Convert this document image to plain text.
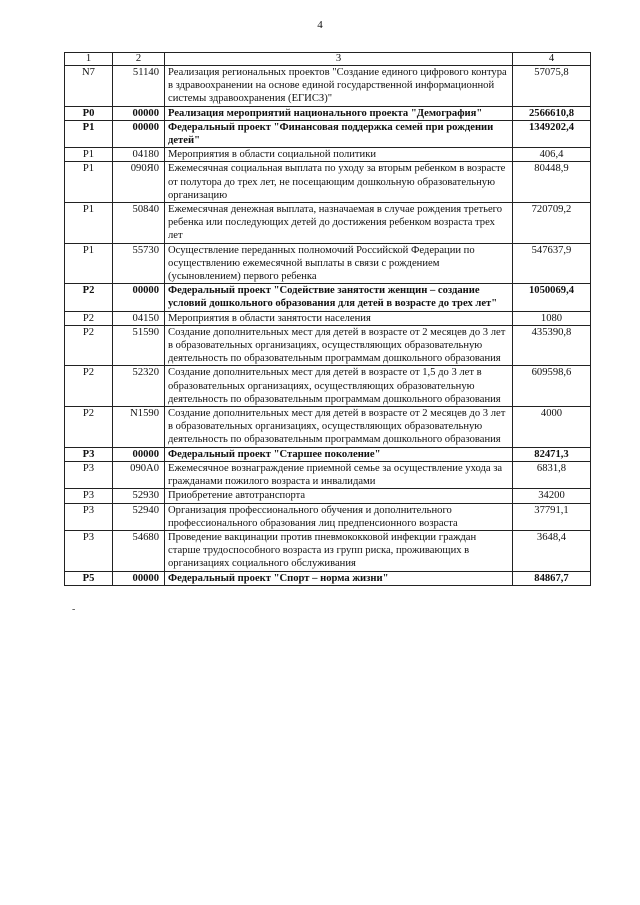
4
1	2	3	4
N7	51140	Реализация региональных проектов "Создание единого цифрового контура в здравоохранении на основе единой государственной информационной системы здравоохранения (ЕГИСЗ)"	57075,8
P0	00000	Реализация мероприятий национального проекта "Демография"	2566610,8
P1	00000	Федеральный проект "Финансовая поддержка семей при рождении детей"	1349202,4
P1	04180	Мероприятия в области социальной политики	406,4
P1	090Я0	Ежемесячная социальная выплата по уходу за вторым ребенком в возрасте от полутора до трех лет, не посещающим дошкольную образовательную организацию	80448,9
P1	50840	Ежемесячная денежная выплата, назначаемая в случае рождения третьего ребенка или последующих детей до достижения ребенком возраста трех лет	720709,2
P1	55730	Осуществление переданных полномочий Российской Федерации по осуществлению ежемесячной выплаты в связи с рождением (усыновлением) первого ребенка	547637,9
P2	00000	Федеральный проект "Содействие занятости женщин – создание условий дошкольного образования для детей в возрасте до трех лет"	1050069,4
P2	04150	Мероприятия в области занятости населения	1080
P2	51590	Создание дополнительных мест для детей в возрасте от 2 месяцев до 3 лет в образовательных организациях, осуществляющих образовательную деятельность по образовательным программам дошкольного образования	435390,8
P2	52320	Создание дополнительных мест для детей в возрасте от 1,5 до 3 лет в образовательных организациях, осуществляющих образовательную деятельность по образовательным программам дошкольного образования	609598,6
P2	N1590	Создание дополнительных мест для детей в возрасте от 2 месяцев до 3 лет в образовательных организациях, осуществляющих образовательную деятельность по образовательным программам дошкольного образования	4000
P3	00000	Федеральный проект "Старшее поколение"	82471,3
P3	090A0	Ежемесячное вознаграждение приемной семье за осуществление ухода за гражданами пожилого возраста и инвалидами	6831,8
P3	52930	Приобретение автотранспорта	34200
P3	52940	Организация профессионального обучения и дополнительного профессионального образования лиц предпенсионного возраста	37791,1
P3	54680	Проведение вакцинации против пневмококковой инфекции граждан старше трудоспособного возраста из групп риска, проживающих в организациях социального обслуживания	3648,4
P5	00000	Федеральный проект "Спорт – норма жизни"	84867,7
-
